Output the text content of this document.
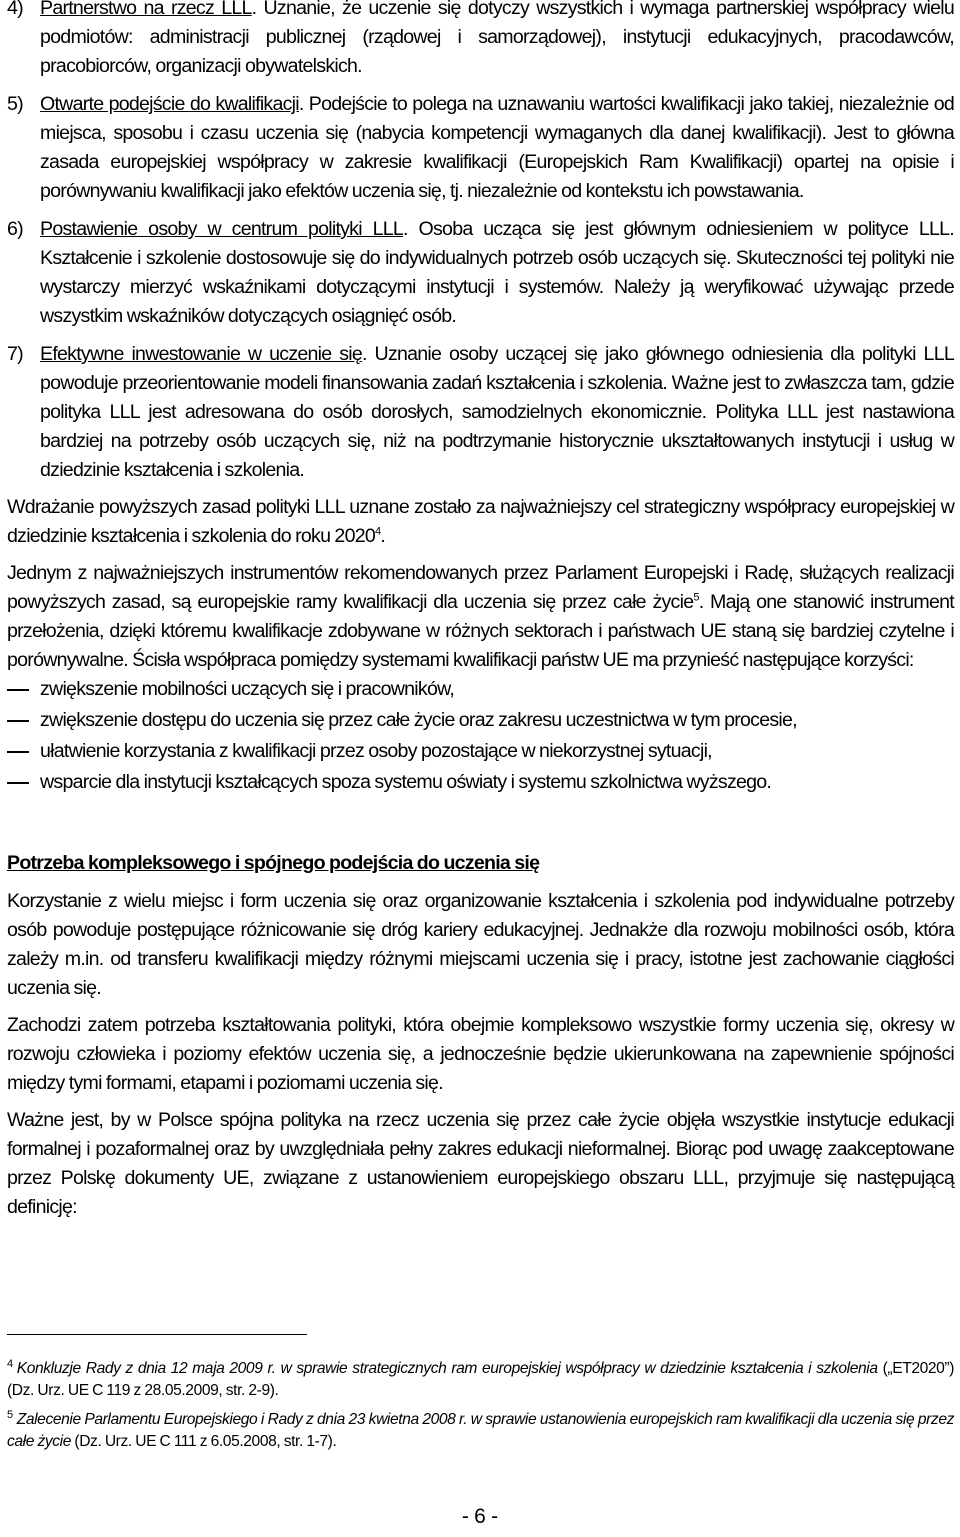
4) Partnerstwo na rzecz LLL. Uznanie, że uczenie się dotyczy wszystkich i wymaga partnerskiej współpracy wielu podmiotów: administracji publicznej (rządowej i samorządowej), instytucji edukacyjnych, pracodawców, pracobiorców, organizacji obywatelskich.

5) Otwarte podejście do kwalifikacji. Podejście to polega na uznawaniu wartości kwalifikacji jako takiej, niezależnie od miejsca, sposobu i czasu uczenia się (nabycia kompetencji wymaganych dla danej kwalifikacji). Jest to główna zasada europejskiej współpracy w zakresie kwalifikacji (Europejskich Ram Kwalifikacji) opartej na opisie i porównywaniu kwalifikacji jako efektów uczenia się, tj. niezależnie od kontekstu ich powstawania.

6) Postawienie osoby w centrum polityki LLL. Osoba ucząca się jest głównym odniesieniem w polityce LLL. Kształcenie i szkolenie dostosowuje się do indywidualnych potrzeb osób uczących się. Skuteczności tej polityki nie wystarczy mierzyć wskaźnikami dotyczącymi instytucji i systemów. Należy ją weryfikować używając przede wszystkim wskaźników dotyczących osiągnięć osób.

7) Efektywne inwestowanie w uczenie się. Uznanie osoby uczącej się jako głównego odniesienia dla polityki LLL powoduje przeorientowanie modeli finansowania zadań kształcenia i szkolenia. Ważne jest to zwłaszcza tam, gdzie polityka LLL jest adresowana do osób dorosłych, samodzielnych ekonomicznie. Polityka LLL jest nastawiona bardziej na potrzeby osób uczących się, niż na podtrzymanie historycznie ukształtowanych instytucji i usług w dziedzinie kształcenia i szkolenia.

Wdrażanie powyższych zasad polityki LLL uznane zostało za najważniejszy cel strategiczny współpracy europejskiej w dziedzinie kształcenia i szkolenia do roku 2020$^4$.

Jednym z najważniejszych instrumentów rekomendowanych przez Parlament Europejski i Radę, służących realizacji powyższych zasad, są europejskie ramy kwalifikacji dla uczenia się przez całe życie$^5$. Mają one stanowić instrument przełożenia, dzięki któremu kwalifikacje zdobywane w różnych sektorach i państwach UE staną się bardziej czytelne i porównywalne. Ścisła współpraca pomiędzy systemami kwalifikacji państw UE ma przynieść następujące korzyści:

zwiększenie mobilności uczących się i pracowników,
zwiększenie dostępu do uczenia się przez całe życie oraz zakresu uczestnictwa w tym procesie,
ułatwienie korzystania z kwalifikacji przez osoby pozostające w niekorzystnej sytuacji,
wsparcie dla instytucji kształcących spoza systemu oświaty i systemu szkolnictwa wyższego.
Potrzeba kompleksowego i spójnego podejścia do uczenia się

Korzystanie z wielu miejsc i form uczenia się oraz organizowanie kształcenia i szkolenia pod indywidualne potrzeby osób powoduje postępujące różnicowanie się dróg kariery edukacyjnej. Jednakże dla rozwoju mobilności osób, która zależy m.in. od transferu kwalifikacji między różnymi miejscami uczenia się i pracy, istotne jest zachowanie ciągłości uczenia się.

Zachodzi zatem potrzeba kształtowania polityki, która obejmie kompleksowo wszystkie formy uczenia się, okresy w rozwoju człowieka i poziomy efektów uczenia się, a jednocześnie będzie ukierunkowana na zapewnienie spójności między tymi formami, etapami i poziomami uczenia się.

Ważne jest, by w Polsce spójna polityka na rzecz uczenia się przez całe życie objęła wszystkie instytucje edukacji formalnej i pozaformalnej oraz by uwzględniała pełny zakres edukacji nieformalnej. Biorąc pod uwagę zaakceptowane przez Polskę dokumenty UE, związane z ustanowieniem europejskiego obszaru LLL, przyjmuje się następującą definicję:

$^4$ Konkluzje Rady z dnia 12 maja 2009 r. w sprawie strategicznych ram europejskiej współpracy w dziedzinie kształcenia i szkolenia („ET2020”) (Dz. Urz. UE C 119 z 28.05.2009, str. 2-9).

$^5$ Zalecenie Parlamentu Europejskiego i Rady z dnia 23 kwietna 2008 r. w sprawie ustanowienia europejskich ram kwalifikacji dla uczenia się przez całe życie (Dz. Urz. UE C 111 z 6.05.2008, str. 1-7).

- 6 -
